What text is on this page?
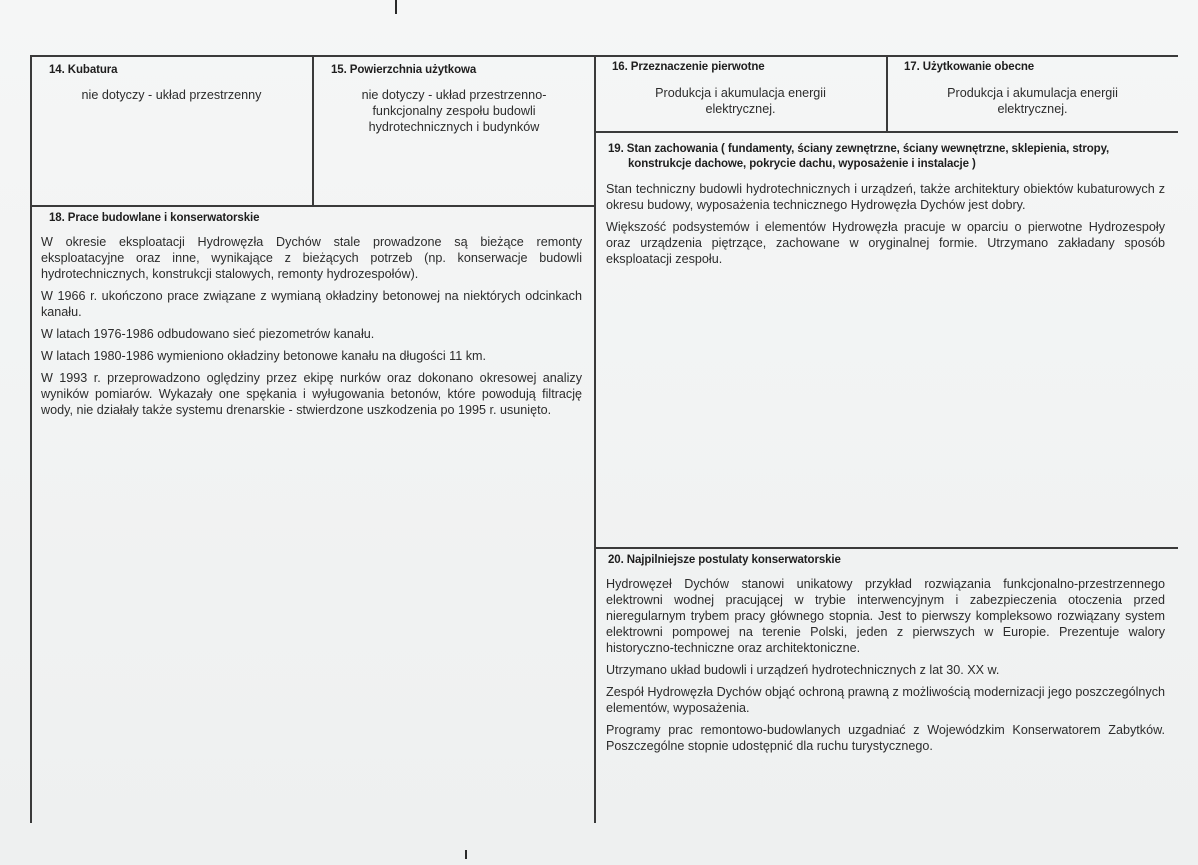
14. Kubatura

nie dotyczy - układ przestrzenny

15. Powierzchnia użytkowa

nie dotyczy - układ przestrzenno-funkcjonalny zespołu budowli hydrotechnicznych i budynków

16. Przeznaczenie pierwotne

Produkcja i akumulacja energii elektrycznej.

17. Użytkowanie obecne

Produkcja i akumulacja energii elektrycznej.

18. Prace budowlane i konserwatorskie

W okresie eksploatacji Hydrowęzła Dychów stale prowadzone są bieżące remonty eksploatacyjne oraz inne, wynikające z bieżących potrzeb (np. konserwacje budowli hydrotechnicznych, konstrukcji stalowych, remonty hydrozespołów).

W 1966 r. ukończono prace związane z wymianą okładziny betonowej na niektórych odcinkach kanału.

W latach 1976-1986 odbudowano sieć piezometrów kanału.

W latach 1980-1986 wymieniono okładziny betonowe kanału na długości 11 km.

W 1993 r. przeprowadzono oględziny przez ekipę nurków oraz dokonano okresowej analizy wyników pomiarów. Wykazały one spękania i wyługowania betonów, które powodują filtrację wody, nie działały także systemu drenarskie - stwierdzone uszkodzenia po 1995 r. usunięto.

19. Stan zachowania ( fundamenty, ściany zewnętrzne, ściany wewnętrzne, sklepienia, stropy,
konstrukcje dachowe, pokrycie dachu, wyposażenie i instalacje )

Stan techniczny budowli hydrotechnicznych i urządzeń, także architektury obiektów kubaturowych z okresu budowy, wyposażenia technicznego Hydrowęzła Dychów jest dobry.

Większość podsystemów i elementów Hydrowęzła pracuje w oparciu o pierwotne Hydrozespoły oraz urządzenia piętrzące, zachowane w oryginalnej formie. Utrzymano zakładany sposób eksploatacji zespołu.

20. Najpilniejsze postulaty konserwatorskie

Hydrowęzeł Dychów stanowi unikatowy przykład rozwiązania funkcjonalno-przestrzennego elektrowni wodnej pracującej w trybie interwencyjnym i zabezpieczenia otoczenia przed nieregularnym trybem pracy głównego stopnia. Jest to pierwszy kompleksowo rozwiązany system elektrowni pompowej na terenie Polski, jeden z pierwszych w Europie. Prezentuje walory historyczno-techniczne oraz architektoniczne.

Utrzymano układ budowli i urządzeń hydrotechnicznych z lat 30. XX w.

Zespół Hydrowęzła Dychów objąć ochroną prawną z możliwością modernizacji jego poszczególnych elementów, wyposażenia.

Programy prac remontowo-budowlanych uzgadniać z Wojewódzkim Konserwatorem Zabytków. Poszczególne stopnie udostępnić dla ruchu turystycznego.
